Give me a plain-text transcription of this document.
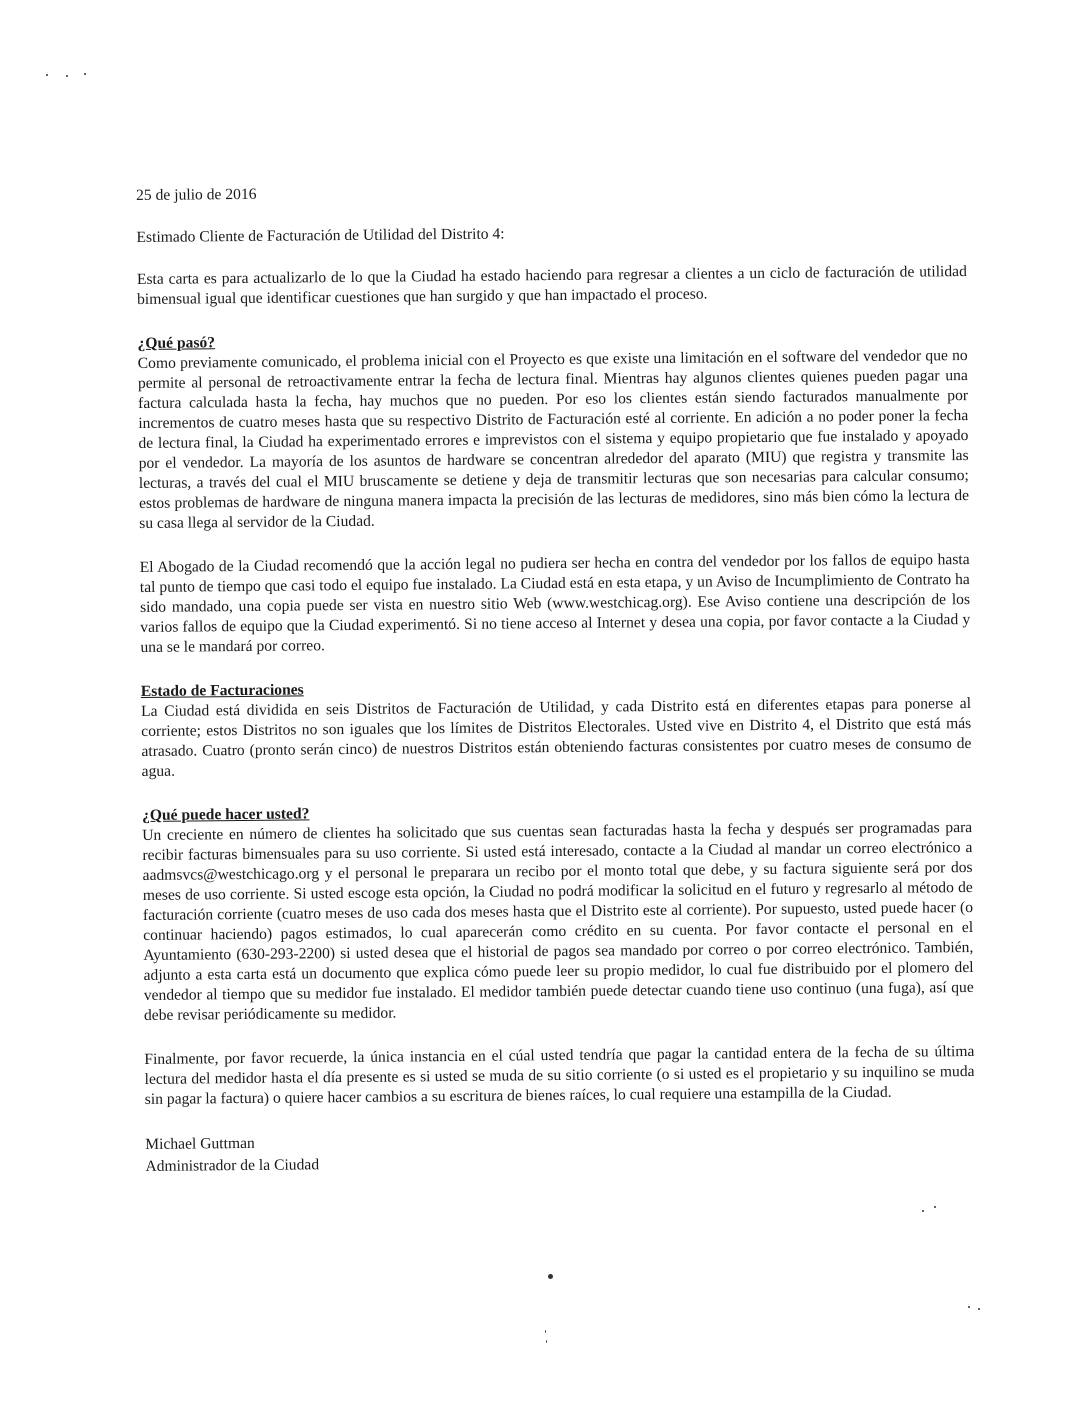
25 de julio de 2016

Estimado Cliente de Facturación de Utilidad del Distrito 4:

Esta carta es para actualizarlo de lo que la Ciudad ha estado haciendo para regresar a clientes a un ciclo de facturación de utilidad bimensual igual que identificar cuestiones que han surgido y que han impactado el proceso.

¿Qué pasó?

Como previamente comunicado, el problema inicial con el Proyecto es que existe una limitación en el software del vendedor que no permite al personal de retroactivamente entrar la fecha de lectura final. Mientras hay algunos clientes quienes pueden pagar una factura calculada hasta la fecha, hay muchos que no pueden. Por eso los clientes están siendo facturados manualmente por incrementos de cuatro meses hasta que su respectivo Distrito de Facturación esté al corriente. En adición a no poder poner la fecha de lectura final, la Ciudad ha experimentado errores e imprevistos con el sistema y equipo propietario que fue instalado y apoyado por el vendedor. La mayoría de los asuntos de hardware se concentran alrededor del aparato (MIU) que registra y transmite las lecturas, a través del cual el MIU bruscamente se detiene y deja de transmitir lecturas que son necesarias para calcular consumo; estos problemas de hardware de ninguna manera impacta la precisión de las lecturas de medidores, sino más bien cómo la lectura de su casa llega al servidor de la Ciudad.

El Abogado de la Ciudad recomendó que la acción legal no pudiera ser hecha en contra del vendedor por los fallos de equipo hasta tal punto de tiempo que casi todo el equipo fue instalado. La Ciudad está en esta etapa, y un Aviso de Incumplimiento de Contrato ha sido mandado, una copia puede ser vista en nuestro sitio Web (www.westchicag.org). Ese Aviso contiene una descripción de los varios fallos de equipo que la Ciudad experimentó. Si no tiene acceso al Internet y desea una copia, por favor contacte a la Ciudad y una se le mandará por correo.

Estado de Facturaciones

La Ciudad está dividida en seis Distritos de Facturación de Utilidad, y cada Distrito está en diferentes etapas para ponerse al corriente; estos Distritos no son iguales que los límites de Distritos Electorales. Usted vive en Distrito 4, el Distrito que está más atrasado. Cuatro (pronto serán cinco) de nuestros Distritos están obteniendo facturas consistentes por cuatro meses de consumo de agua.

¿Qué puede hacer usted?

Un creciente en número de clientes ha solicitado que sus cuentas sean facturadas hasta la fecha y después ser programadas para recibir facturas bimensuales para su uso corriente. Si usted está interesado, contacte a la Ciudad al mandar un correo electrónico a aadmsvcs@westchicago.org y el personal le preparara un recibo por el monto total que debe, y su factura siguiente será por dos meses de uso corriente. Si usted escoge esta opción, la Ciudad no podrá modificar la solicitud en el futuro y regresarlo al método de facturación corriente (cuatro meses de uso cada dos meses hasta que el Distrito este al corriente). Por supuesto, usted puede hacer (o continuar haciendo) pagos estimados, lo cual aparecerán como crédito en su cuenta. Por favor contacte el personal en el Ayuntamiento (630-293-2200) si usted desea que el historial de pagos sea mandado por correo o por correo electrónico. También, adjunto a esta carta está un documento que explica cómo puede leer su propio medidor, lo cual fue distribuido por el plomero del vendedor al tiempo que su medidor fue instalado. El medidor también puede detectar cuando tiene uso continuo (una fuga), así que debe revisar periódicamente su medidor.

Finalmente, por favor recuerde, la única instancia en el cúal usted tendría que pagar la cantidad entera de la fecha de su última lectura del medidor hasta el día presente es si usted se muda de su sitio corriente (o si usted es el propietario y su inquilino se muda sin pagar la factura) o quiere hacer cambios a su escritura de bienes raíces, lo cual requiere una estampilla de la Ciudad.

Michael Guttman

Administrador de la Ciudad
